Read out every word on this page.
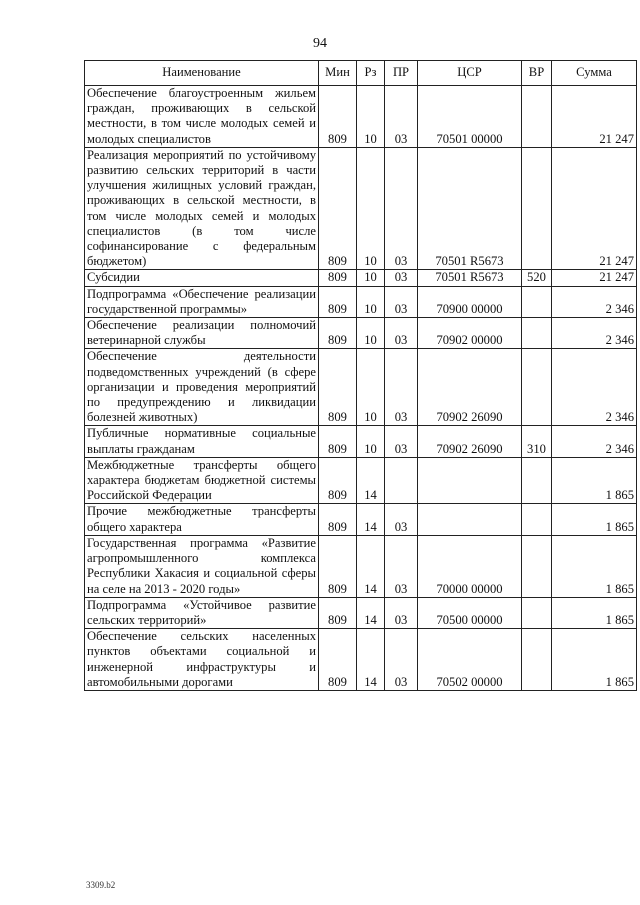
94
Наименование	Мин	Рз	ПР	ЦСР	ВР	Сумма
Обеспечение благоустроенным жильем граждан, проживающих в сельской местности, в том числе молодых семей и молодых специалистов	809	10	03	70501 00000		21 247
Реализация мероприятий по устойчивому развитию сельских территорий в части улучшения жилищных условий граждан, проживающих в сельской местности, в том числе молодых семей и молодых специалистов (в том числе софинансирование с федеральным бюджетом)	809	10	03	70501 R5673		21 247
Субсидии	809	10	03	70501 R5673	520	21 247
Подпрограмма «Обеспечение реализации государственной программы»	809	10	03	70900 00000		2 346
Обеспечение реализации полномочий ветеринарной службы	809	10	03	70902 00000		2 346
Обеспечение деятельности подведомственных учреждений (в сфере организации и проведения мероприятий по предупреждению и ликвидации болезней животных)	809	10	03	70902 26090		2 346
Публичные нормативные социальные выплаты гражданам	809	10	03	70902 26090	310	2 346
Межбюджетные трансферты общего характера бюджетам бюджетной системы Российской Федерации	809	14				1 865
Прочие межбюджетные трансферты общего характера	809	14	03			1 865
Государственная программа «Развитие агропромышленного комплекса Республики Хакасия и социальной сферы на селе на 2013 - 2020 годы»	809	14	03	70000 00000		1 865
Подпрограмма «Устойчивое развитие сельских территорий»	809	14	03	70500 00000		1 865
Обеспечение сельских населенных пунктов объектами социальной и инженерной инфраструктуры и автомобильными дорогами	809	14	03	70502 00000		1 865
3309.b2
